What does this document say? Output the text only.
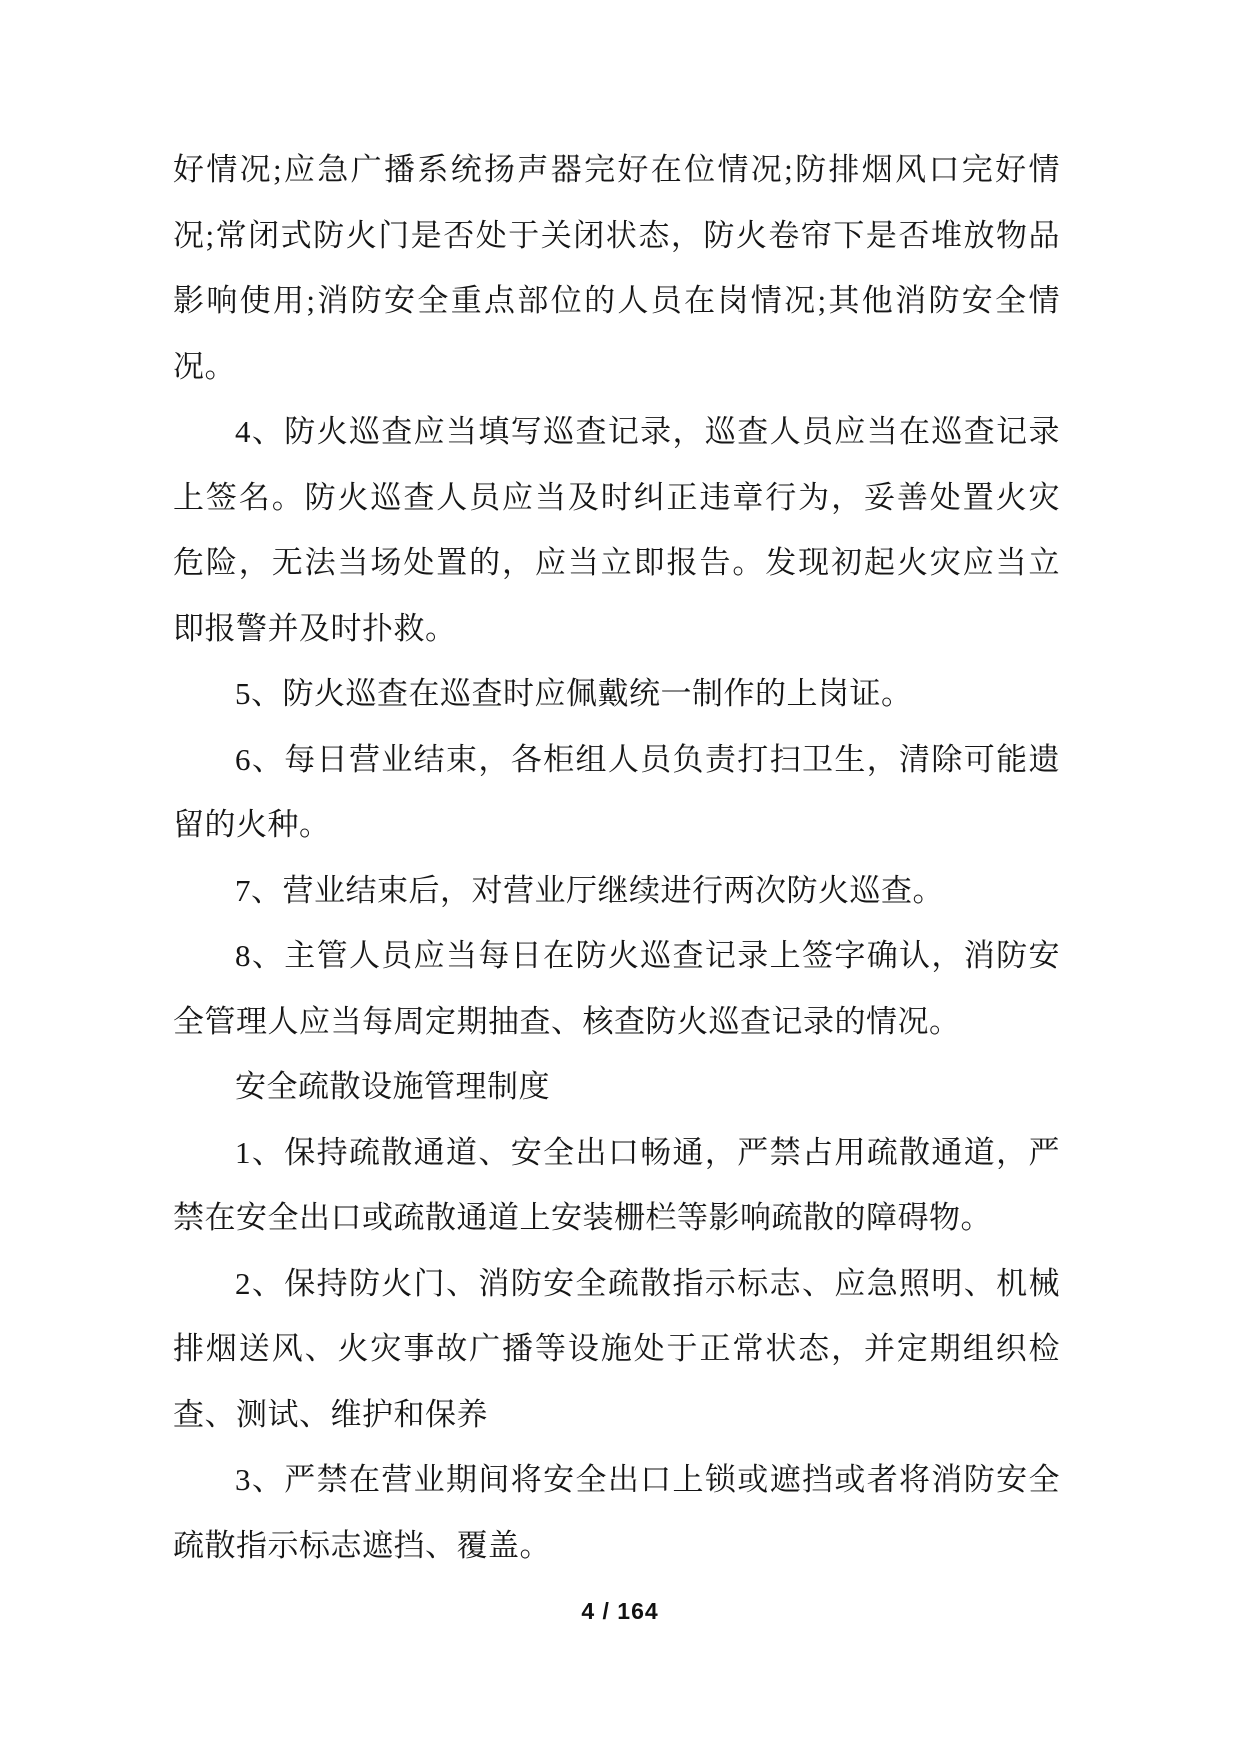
好情况;应急广播系统扬声器完好在位情况;防排烟风口完好情
况;常闭式防火门是否处于关闭状态，防火卷帘下是否堆放物品
影响使用;消防安全重点部位的人员在岗情况;其他消防安全情
况。
4、防火巡查应当填写巡查记录，巡查人员应当在巡查记录
上签名。防火巡查人员应当及时纠正违章行为，妥善处置火灾
危险，无法当场处置的，应当立即报告。发现初起火灾应当立
即报警并及时扑救。
5、防火巡查在巡查时应佩戴统一制作的上岗证。
6、每日营业结束，各柜组人员负责打扫卫生，清除可能遗
留的火种。
7、营业结束后，对营业厅继续进行两次防火巡查。
8、主管人员应当每日在防火巡查记录上签字确认，消防安
全管理人应当每周定期抽查、核查防火巡查记录的情况。
安全疏散设施管理制度
1、保持疏散通道、安全出口畅通，严禁占用疏散通道，严
禁在安全出口或疏散通道上安装栅栏等影响疏散的障碍物。
2、保持防火门、消防安全疏散指示标志、应急照明、机械
排烟送风、火灾事故广播等设施处于正常状态，并定期组织检
查、测试、维护和保养
3、严禁在营业期间将安全出口上锁或遮挡或者将消防安全
疏散指示标志遮挡、覆盖。
4 / 164
